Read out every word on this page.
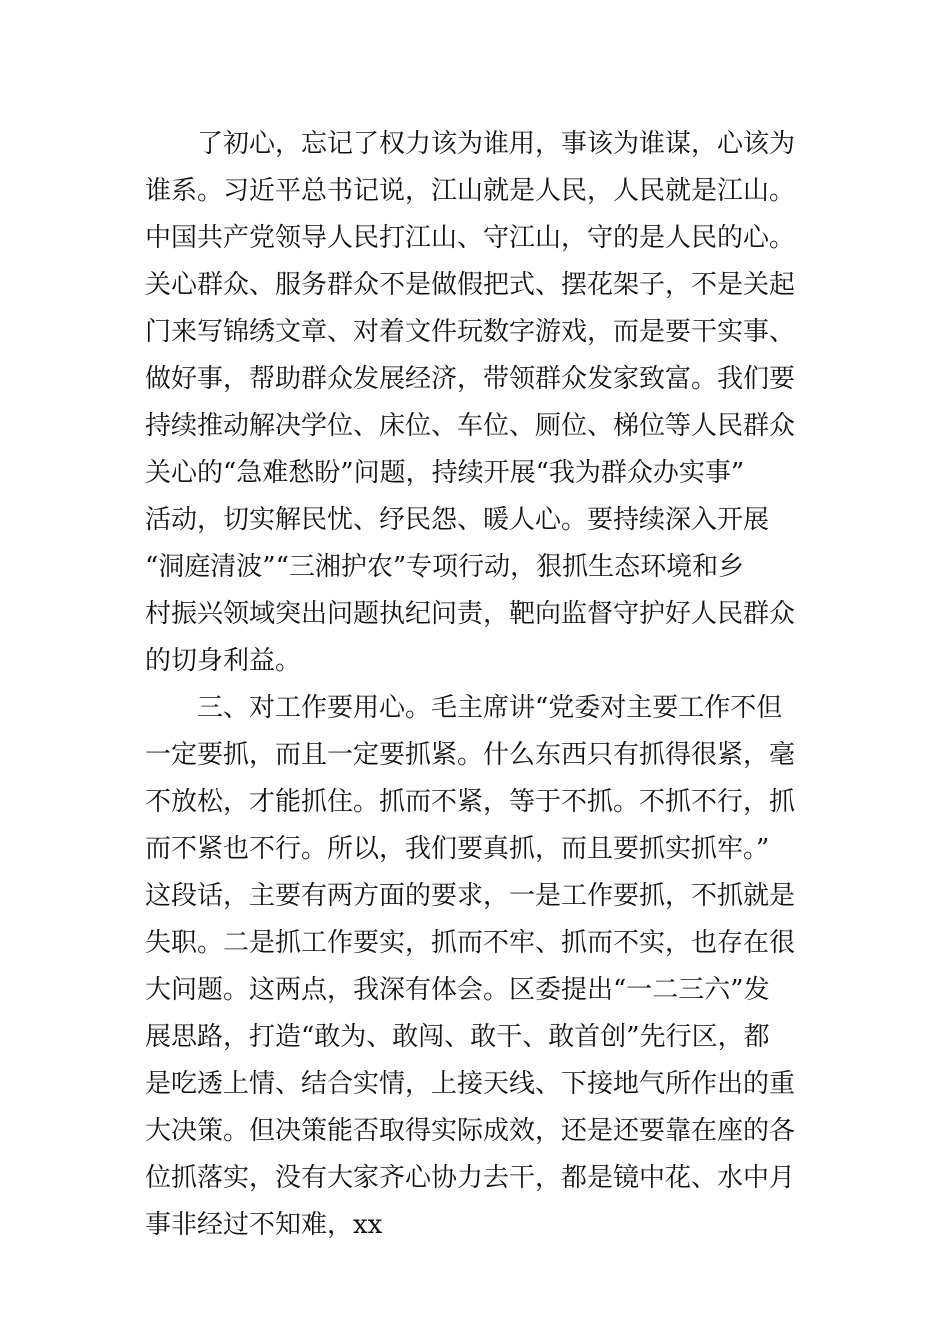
了初心，忘记了权力该为谁用，事该为谁谋，心该为
谁系。习近平总书记说，江山就是人民，人民就是江山。
中国共产党领导人民打江山、守江山，守的是人民的心。
关心群众、服务群众不是做假把式、摆花架子，不是关起
门来写锦绣文章、对着文件玩数字游戏，而是要干实事、
做好事，帮助群众发展经济，带领群众发家致富。我们要
持续推动解决学位、床位、车位、厕位、梯位等人民群众
关心的“急难愁盼”问题，持续开展“我为群众办实事”
活动，切实解民忧、纾民怨、暖人心。要持续深入开展
“洞庭清波”“三湘护农”专项行动，狠抓生态环境和乡
村振兴领域突出问题执纪问责，靶向监督守护好人民群众
的切身利益。
三、对工作要用心。毛主席讲“党委对主要工作不但
一定要抓，而且一定要抓紧。什么东西只有抓得很紧，毫
不放松，才能抓住。抓而不紧，等于不抓。不抓不行，抓
而不紧也不行。所以，我们要真抓，而且要抓实抓牢。”
这段话，主要有两方面的要求，一是工作要抓，不抓就是
失职。二是抓工作要实，抓而不牢、抓而不实，也存在很
大问题。这两点，我深有体会。区委提出“一二三六”发
展思路，打造“敢为、敢闯、敢干、敢首创”先行区，都
是吃透上情、结合实情，上接天线、下接地气所作出的重
大决策。但决策能否取得实际成效，还是还要靠在座的各
位抓落实，没有大家齐心协力去干，都是镜中花、水中月
事非经过不知难，xx
